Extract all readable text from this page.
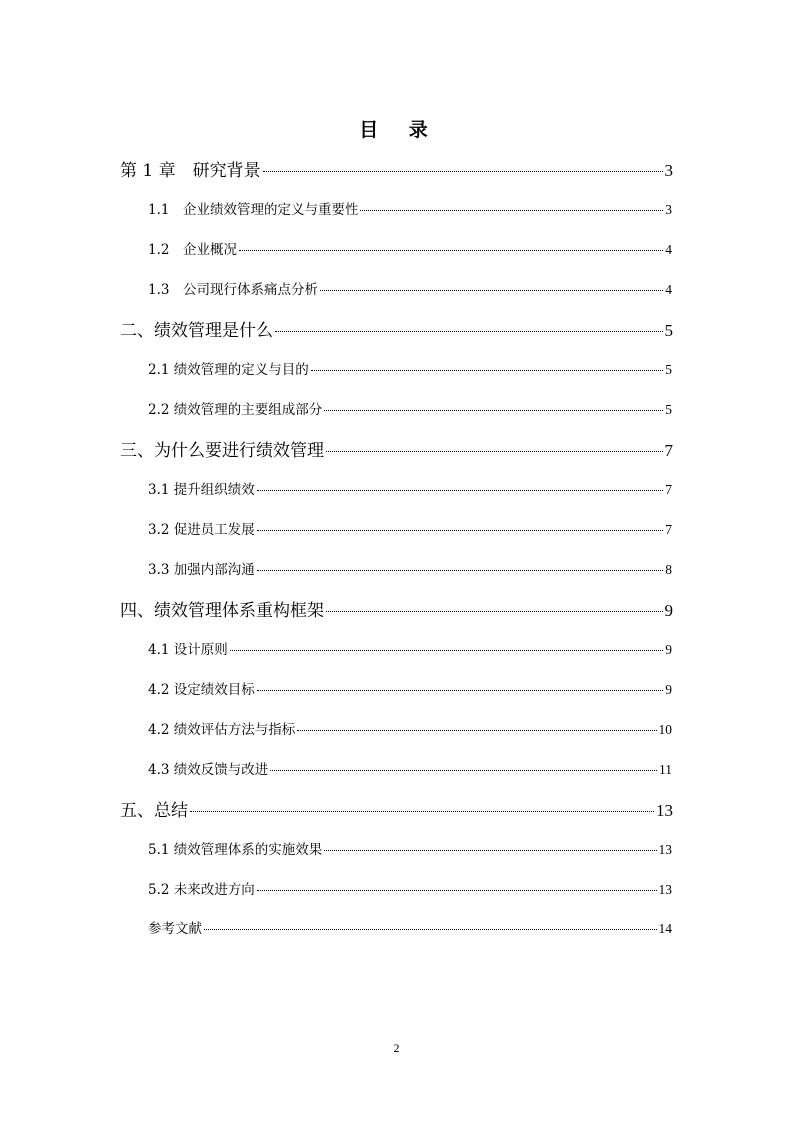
目 录
第 1 章　研究背景	3
1.1　企业绩效管理的定义与重要性	3
1.2　企业概况	4
1.3　公司现行体系痛点分析	4
二、绩效管理是什么	5
2.1 绩效管理的定义与目的	5
2.2 绩效管理的主要组成部分	5
三、为什么要进行绩效管理	7
3.1 提升组织绩效	7
3.2 促进员工发展	7
3.3 加强内部沟通	8
四、绩效管理体系重构框架	9
4.1 设计原则	9
4.2 设定绩效目标	9
4.2 绩效评估方法与指标	10
4.3 绩效反馈与改进	11
五、总结	13
5.1 绩效管理体系的实施效果	13
5.2 未来改进方向	13
参考文献	14
2
